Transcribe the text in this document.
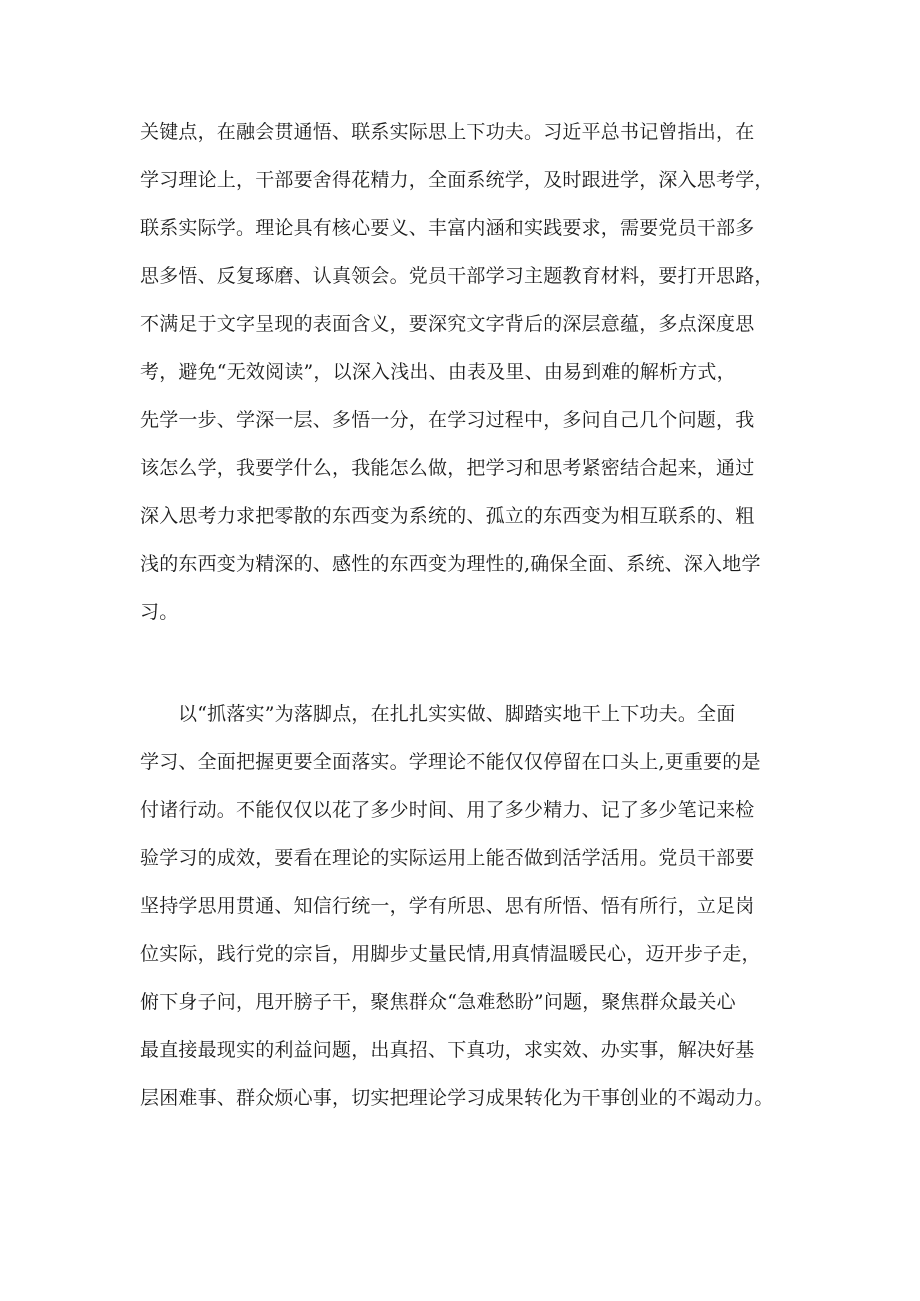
关键点，在融会贯通悟、联系实际思上下功夫。习近平总书记曾指出，在
学习理论上，干部要舍得花精力，全面系统学，及时跟进学，深入思考学，
联系实际学。理论具有核心要义、丰富内涵和实践要求，需要党员干部多
思多悟、反复琢磨、认真领会。党员干部学习主题教育材料，要打开思路，
不满足于文字呈现的表面含义，要深究文字背后的深层意蕴，多点深度思
考，避免“无效阅读”，以深入浅出、由表及里、由易到难的解析方式，
先学一步、学深一层、多悟一分，在学习过程中，多问自己几个问题，我
该怎么学，我要学什么，我能怎么做，把学习和思考紧密结合起来，通过
深入思考力求把零散的东西变为系统的、孤立的东西变为相互联系的、粗
浅的东西变为精深的、感性的东西变为理性的,确保全面、系统、深入地学
习。

以“抓落实”为落脚点，在扎扎实实做、脚踏实地干上下功夫。全面
学习、全面把握更要全面落实。学理论不能仅仅停留在口头上,更重要的是
付诸行动。不能仅仅以花了多少时间、用了多少精力、记了多少笔记来检
验学习的成效，要看在理论的实际运用上能否做到活学活用。党员干部要
坚持学思用贯通、知信行统一，学有所思、思有所悟、悟有所行，立足岗
位实际，践行党的宗旨，用脚步丈量民情,用真情温暖民心，迈开步子走，
俯下身子问，甩开膀子干，聚焦群众“急难愁盼”问题，聚焦群众最关心
最直接最现实的利益问题，出真招、下真功，求实效、办实事，解决好基
层困难事、群众烦心事，切实把理论学习成果转化为干事创业的不竭动力。
